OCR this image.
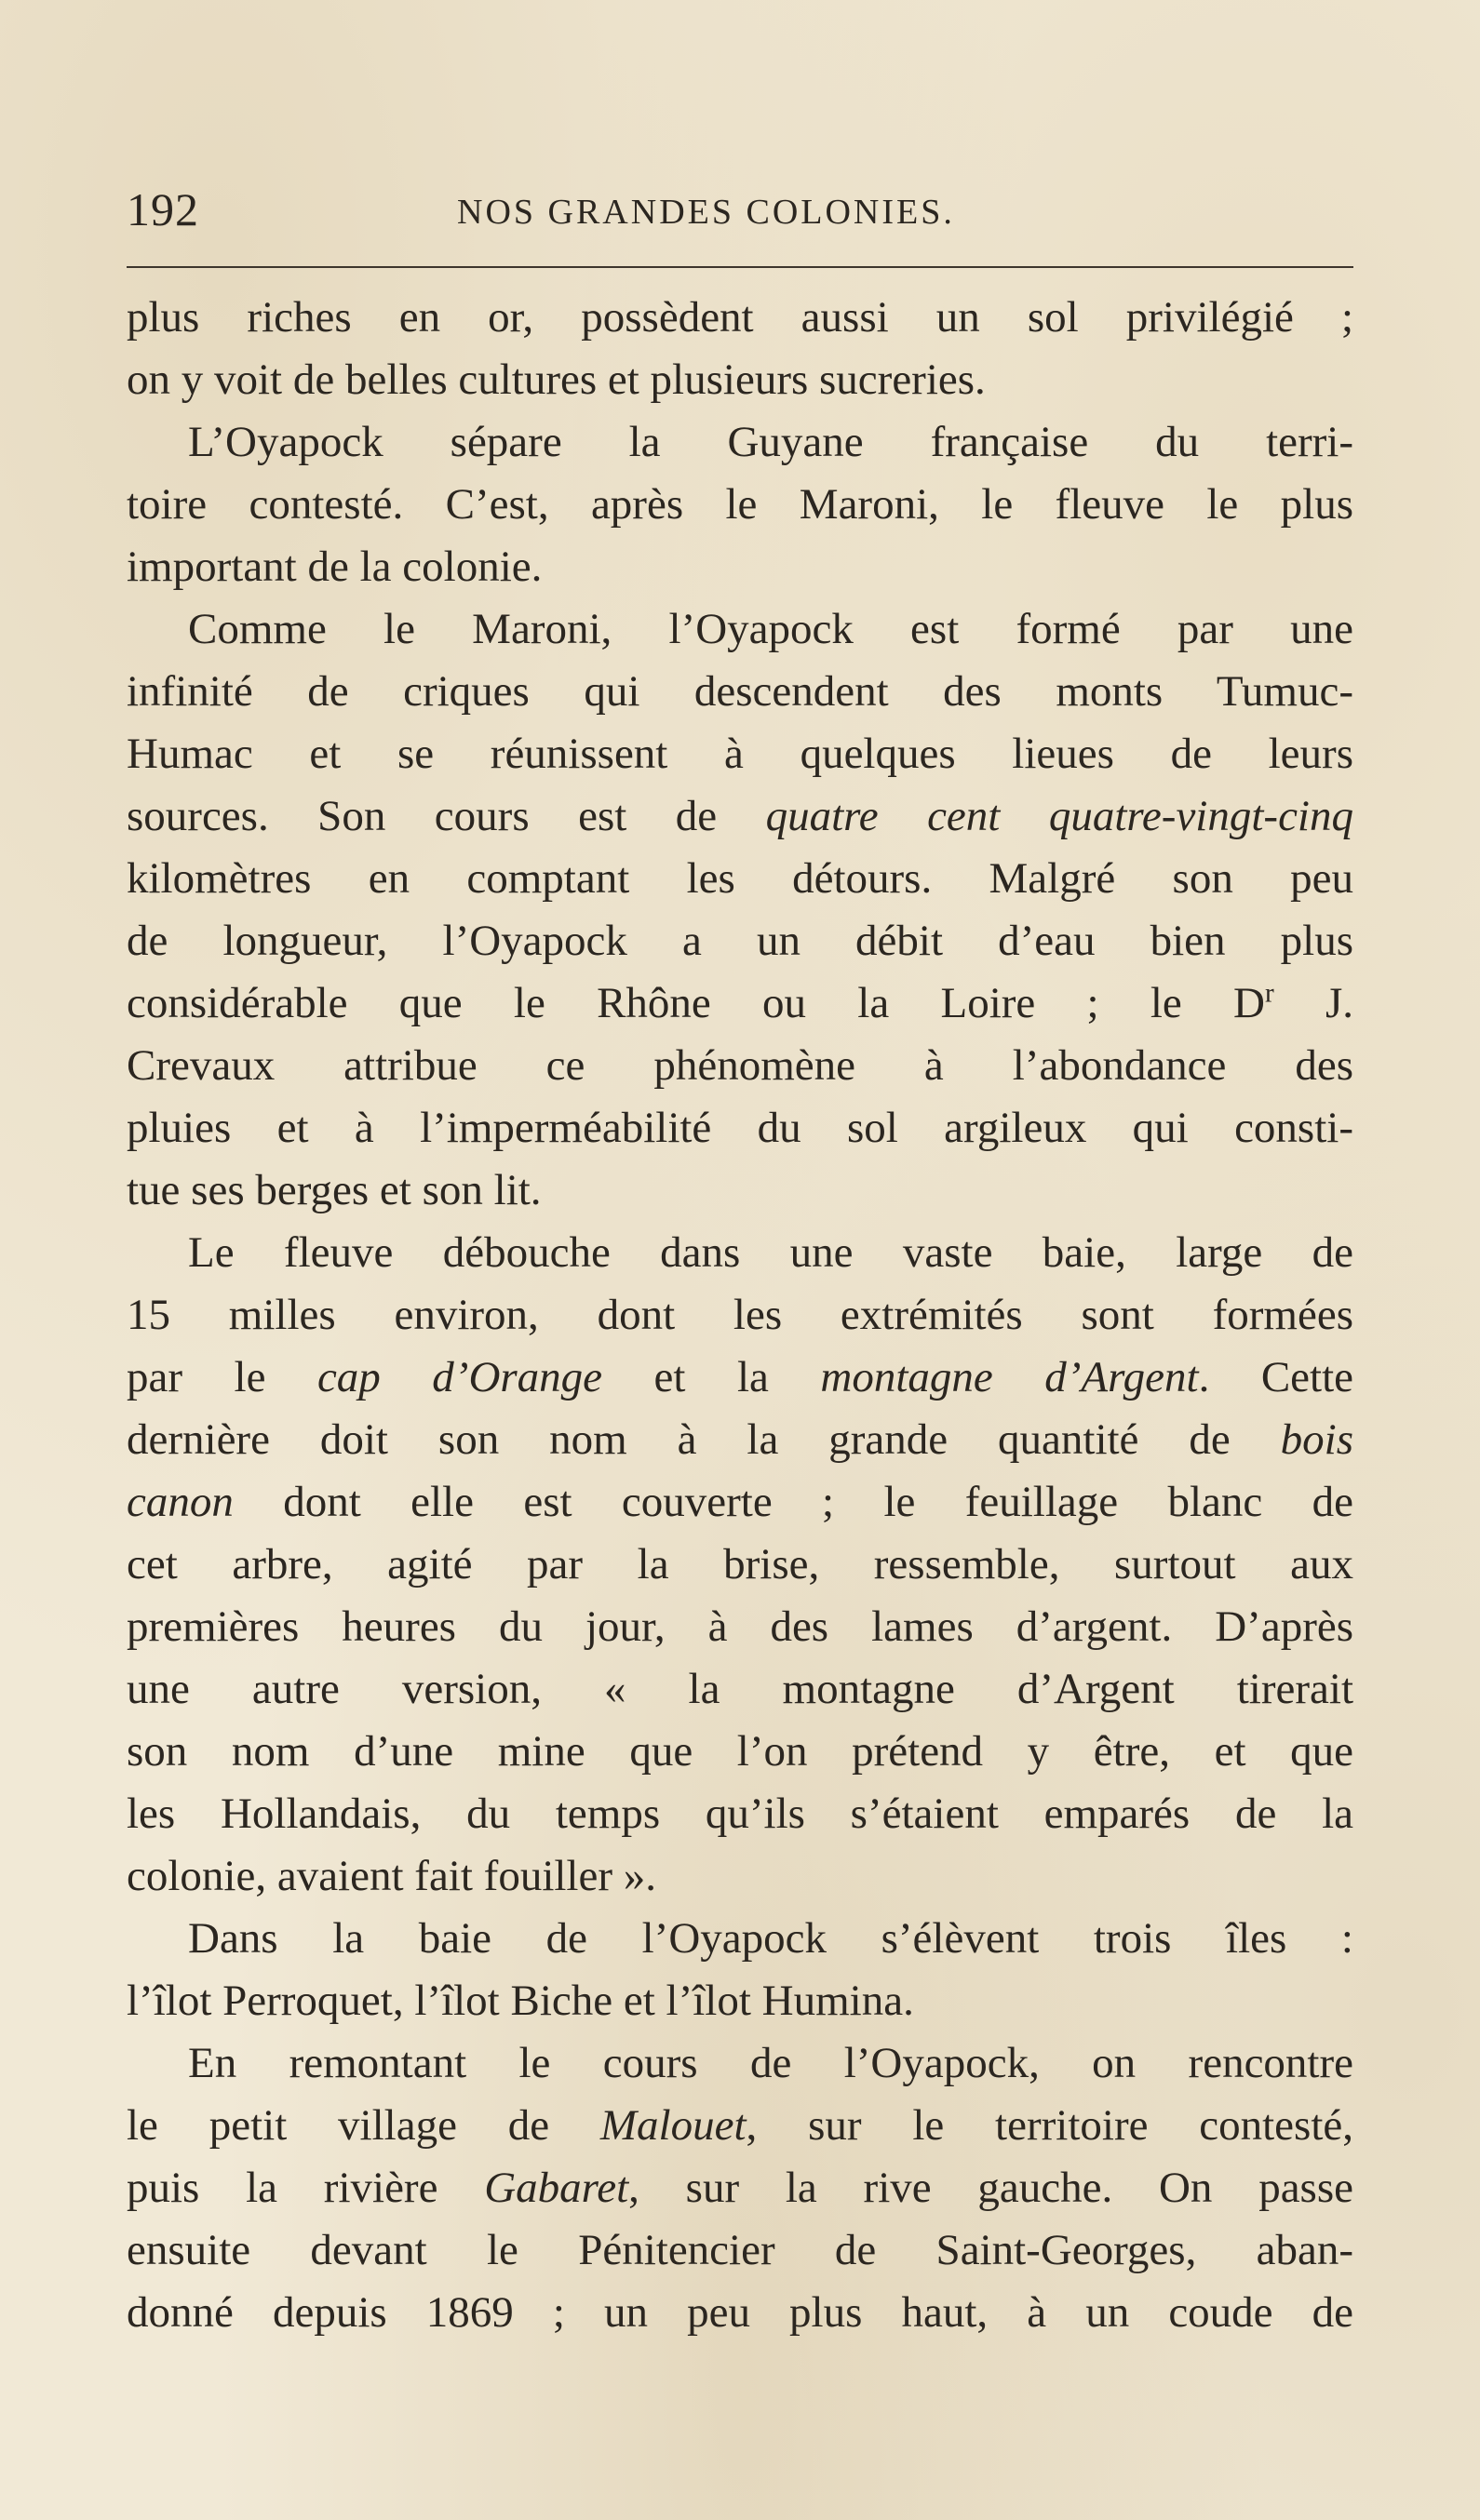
192	NOS GRANDES COLONIES.
plus riches en or, possèdent aussi un sol privilégié ;
on y voit de belles cultures et plusieurs sucreries.
L’Oyapock sépare la Guyane française du terri-
toire contesté. C’est, après le Maroni, le fleuve le plus
important de la colonie.
Comme le Maroni, l’Oyapock est formé par une
infinité de criques qui descendent des monts Tumuc-
Humac et se réunissent à quelques lieues de leurs
sources. Son cours est de quatre cent quatre-vingt-cinq
kilomètres en comptant les détours. Malgré son peu
de longueur, l’Oyapock a un débit d’eau bien plus
considérable que le Rhône ou la Loire ; le $D^r$ J.
Crevaux attribue ce phénomène à l’abondance des
pluies et à l’imperméabilité du sol argileux qui consti-
tue ses berges et son lit.
Le fleuve débouche dans une vaste baie, large de
15 milles environ, dont les extrémités sont formées
par le cap d’Orange et la montagne d’Argent. Cette
dernière doit son nom à la grande quantité de bois
canon dont elle est couverte ; le feuillage blanc de
cet arbre, agité par la brise, ressemble, surtout aux
premières heures du jour, à des lames d’argent. D’après
une autre version, « la montagne d’Argent tirerait
son nom d’une mine que l’on prétend y être, et que
les Hollandais, du temps qu’ils s’étaient emparés de la
colonie, avaient fait fouiller ».
Dans la baie de l’Oyapock s’élèvent trois îles :
l’îlot Perroquet, l’îlot Biche et l’îlot Humina.
En remontant le cours de l’Oyapock, on rencontre
le petit village de Malouet, sur le territoire contesté,
puis la rivière Gabaret, sur la rive gauche. On passe
ensuite devant le Pénitencier de Saint-Georges, aban-
donné depuis 1869 ; un peu plus haut, à un coude de
